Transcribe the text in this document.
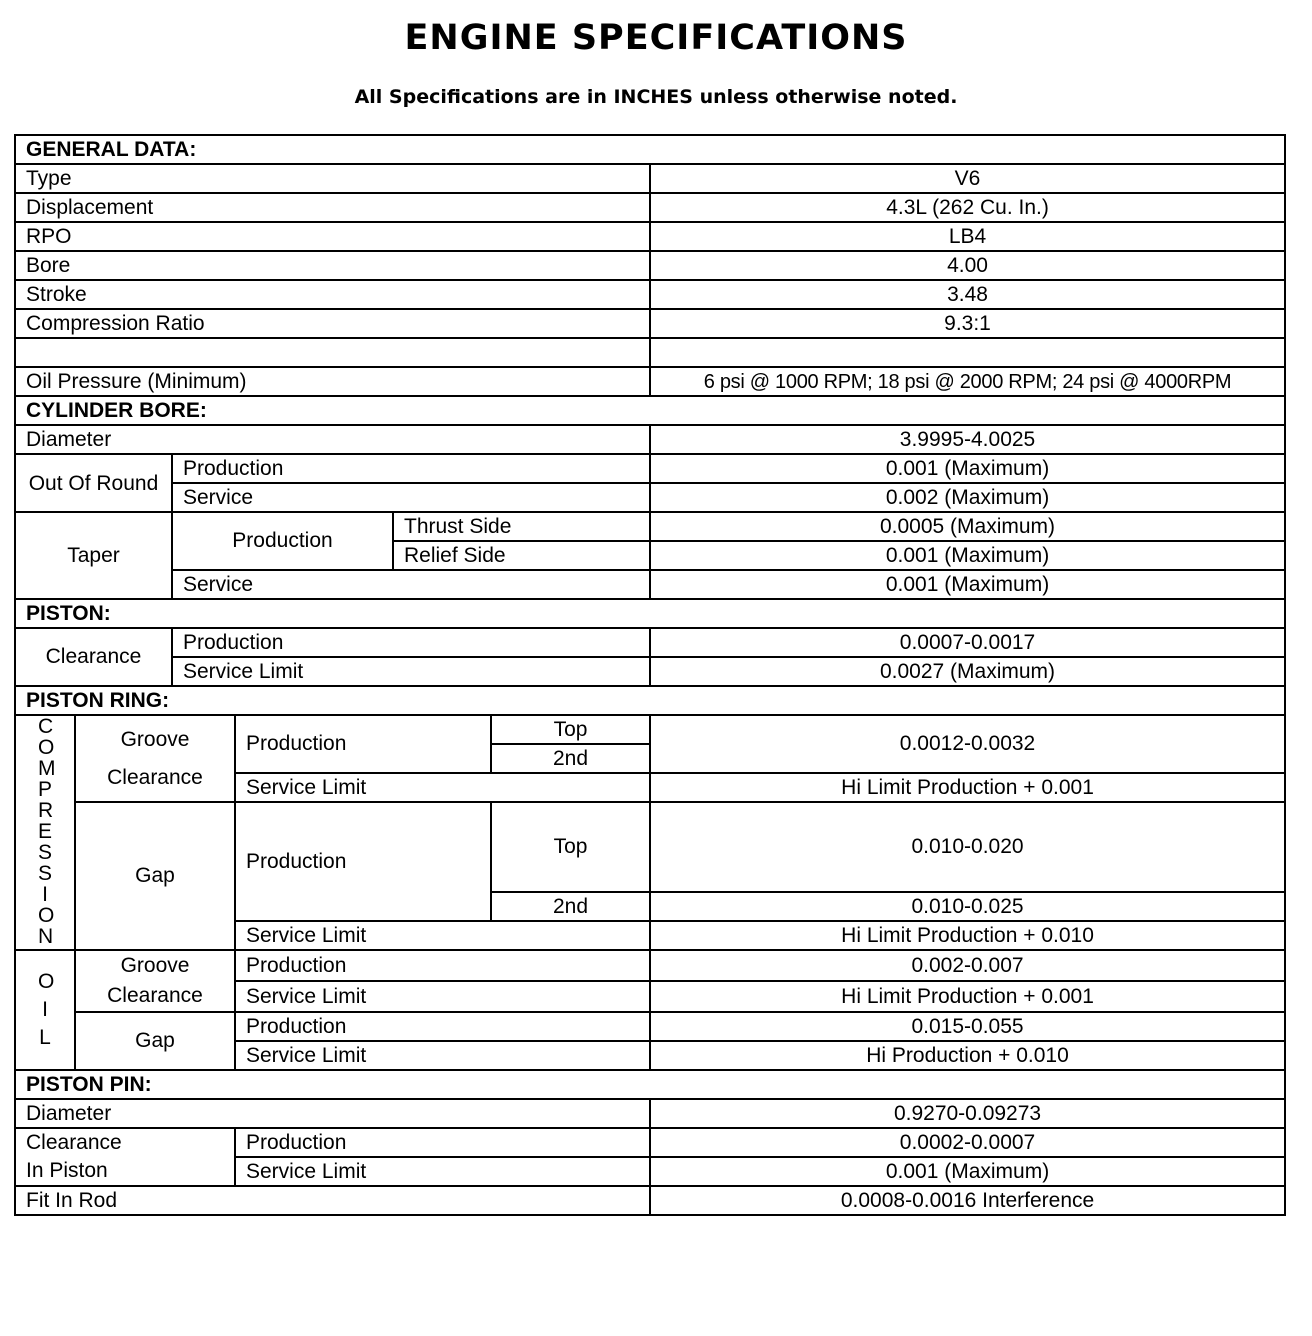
ENGINE SPECIFICATIONS
All Specifications are in INCHES unless otherwise noted.
GENERAL DATA:						
Type						V6
Displacement						4.3L (262 Cu. In.)
RPO						LB4
Bore						4.00
Stroke						3.48
Compression Ratio						9.3:1

Oil Pressure (Minimum)						6 psi @ 1000 RPM; 18 psi @ 2000 RPM; 24 psi @ 4000RPM
CYLINDER BORE:						
Diameter						3.9995-4.0025
Out Of Round		Production				0.001 (Maximum)
		Service				0.002 (Maximum)
Taper		Production		Thrust Side		0.0005 (Maximum)
				Relief Side		0.001 (Maximum)
		Service				0.001 (Maximum)
PISTON:						
Clearance		Production				0.0007-0.0017
		Service Limit				0.0027 (Maximum)
PISTON RING:						
COMPRESSION	Groove Clearance		Production		Top	0.0012-0.0032
					2nd	
			Service Limit			Hi Limit Production + 0.001
	Gap		Production		Top	0.010-0.020
					2nd	0.010-0.025
			Service Limit			Hi Limit Production + 0.010
OIL	Groove Clearance		Production			0.002-0.007
			Service Limit			Hi Limit Production + 0.001
	Gap		Production			0.015-0.055
			Service Limit			Hi Production + 0.010
PISTON PIN:						
Diameter						0.9270-0.09273
Clearance			Production			0.0002-0.0007
In Piston			Service Limit			0.001 (Maximum)
Fit In Rod						0.0008-0.0016 Interference
